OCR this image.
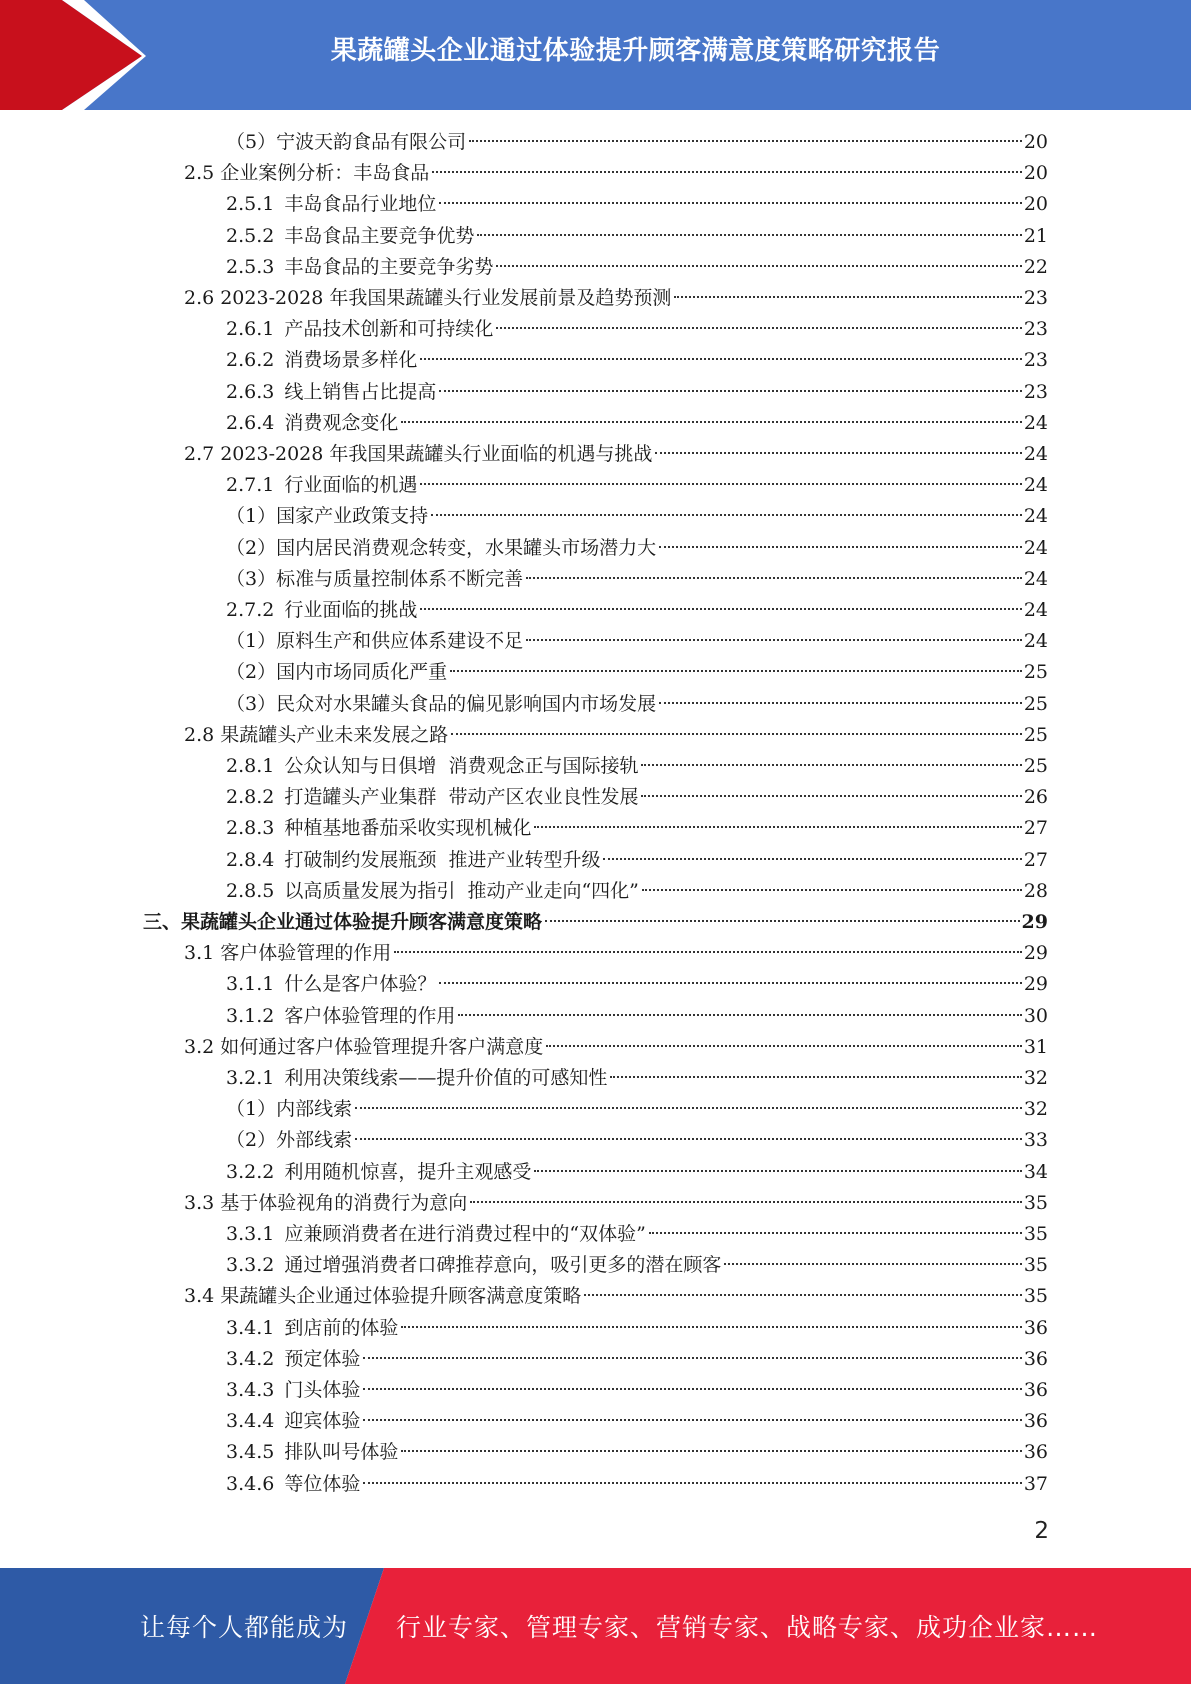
果蔬罐头企业通过体验提升顾客满意度策略研究报告
（5） 宁波天韵食品有限公司	20
2.5 企业案例分析：丰岛食品	20
2.5.1 丰岛食品行业地位	20
2.5.2 丰岛食品主要竞争优势	21
2.5.3 丰岛食品的主要竞争劣势	22
2.6 2023-2028 年我国果蔬罐头行业发展前景及趋势预测	23
2.6.1 产品技术创新和可持续化	23
2.6.2 消费场景多样化	23
2.6.3 线上销售占比提高	23
2.6.4 消费观念变化	24
2.7 2023-2028 年我国果蔬罐头行业面临的机遇与挑战	24
2.7.1 行业面临的机遇	24
（1） 国家产业政策支持	24
（2） 国内居民消费观念转变，水果罐头市场潜力大	24
（3） 标准与质量控制体系不断完善	24
2.7.2 行业面临的挑战	24
（1） 原料生产和供应体系建设不足	24
（2） 国内市场同质化严重	25
（3） 民众对水果罐头食品的偏见影响国内市场发展	25
2.8 果蔬罐头产业未来发展之路	25
2.8.1 公众认知与日俱增  消费观念正与国际接轨	25
2.8.2 打造罐头产业集群  带动产区农业良性发展	26
2.8.3 种植基地番茄采收实现机械化	27
2.8.4 打破制约发展瓶颈  推进产业转型升级	27
2.8.5 以高质量发展为指引  推动产业走向“四化”	28
三、 果蔬罐头企业通过体验提升顾客满意度策略	29
3.1 客户体验管理的作用	29
3.1.1 什么是客户体验？	29
3.1.2 客户体验管理的作用	30
3.2 如何通过客户体验管理提升客户满意度	31
3.2.1 利用决策线索——提升价值的可感知性	32
（1） 内部线索	32
（2） 外部线索	33
3.2.2 利用随机惊喜，提升主观感受	34
3.3 基于体验视角的消费行为意向	35
3.3.1 应兼顾消费者在进行消费过程中的“双体验”	35
3.3.2 通过增强消费者口碑推荐意向，吸引更多的潜在顾客	35
3.4 果蔬罐头企业通过体验提升顾客满意度策略	35
3.4.1 到店前的体验	36
3.4.2 预定体验	36
3.4.3 门头体验	36
3.4.4 迎宾体验	36
3.4.5 排队叫号体验	36
3.4.6 等位体验	37
2
让每个人都能成为 行业专家、管理专家、营销专家、战略专家、成功企业家……
